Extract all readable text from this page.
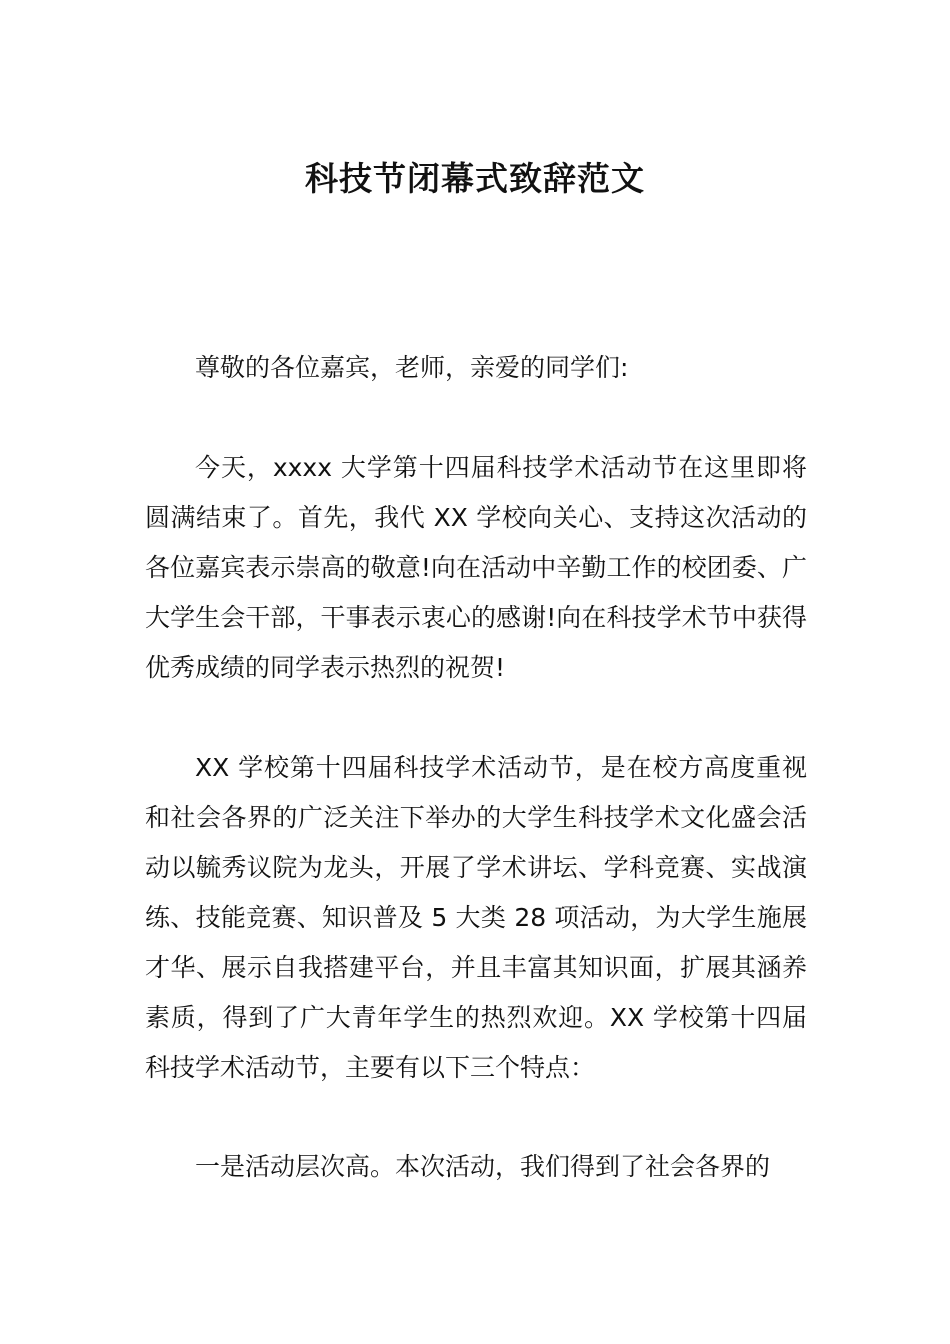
科技节闭幕式致辞范文

尊敬的各位嘉宾，老师，亲爱的同学们:

今天，xxxx 大学第十四届科技学术活动节在这里即将圆满结束了。首先，我代 XX 学校向关心、支持这次活动的各位嘉宾表示崇高的敬意!向在活动中辛勤工作的校团委、广大学生会干部，干事表示衷心的感谢!向在科技学术节中获得优秀成绩的同学表示热烈的祝贺!

XX 学校第十四届科技学术活动节，是在校方高度重视和社会各界的广泛关注下举办的大学生科技学术文化盛会活动以毓秀议院为龙头，开展了学术讲坛、学科竞赛、实战演练、技能竞赛、知识普及 5 大类 28 项活动，为大学生施展才华、展示自我搭建平台，并且丰富其知识面，扩展其涵养素质，得到了广大青年学生的热烈欢迎。XX 学校第十四届科技学术活动节，主要有以下三个特点：

一是活动层次高。本次活动，我们得到了社会各界的
